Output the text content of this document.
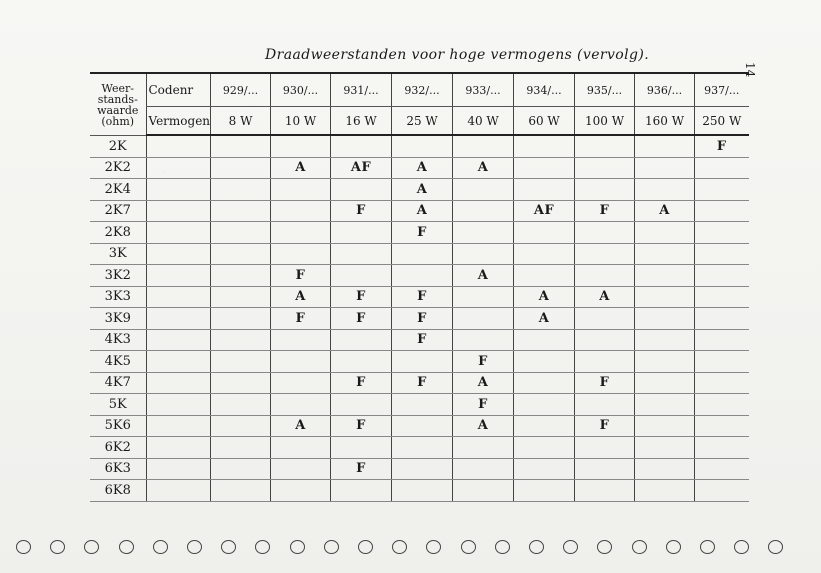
Draadweerstanden voor hoge vermogens (vervolg).
14
Weer-
stands-
waarde
(ohm)	Codenr	929/...	930/...	931/...	932/...	933/...	934/...	935/...	936/...	937/...
	Vermogen	8 W	10 W	16 W	25 W	40 W	60 W	100 W	160 W	250 W
2K										F
2K2			A	AF	A	A				
2K4					A					
2K7				F	A		AF	F	A	
2K8					F					
3K										
3K2			F			A				
3K3			A	F	F		A	A		
3K9			F	F	F		A			
4K3					F					
4K5						F				
4K7				F	F	A		F		
5K						F				
5K6			A	F		A		F		
6K2										
6K3				F						
6K8										
